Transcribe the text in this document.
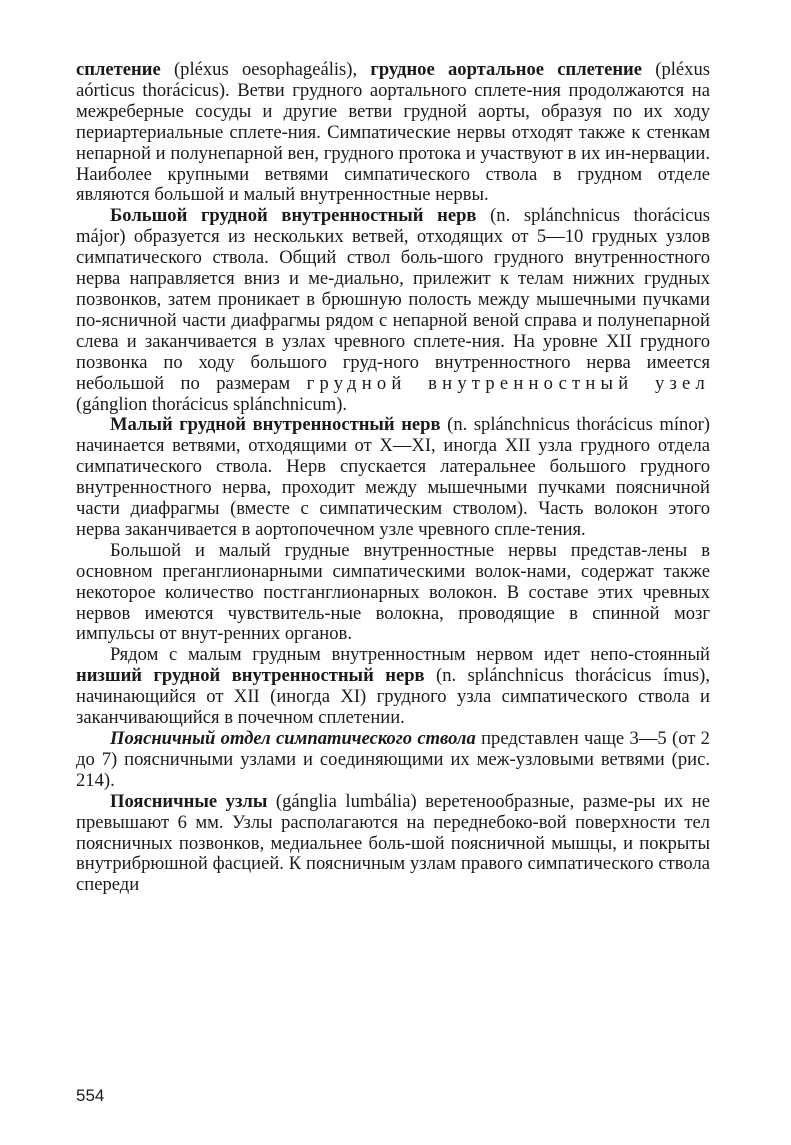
сплетение (pléxus oesophageális), грудное аортальное сплетение (pléxus aórticus thorácicus). Ветви грудного аортального сплете-ния продолжаются на межреберные сосуды и другие ветви грудной аорты, образуя по их ходу периартериальные сплете-ния. Симпатические нервы отходят также к стенкам непарной и полунепарной вен, грудного протока и участвуют в их ин-нервации. Наиболее крупными ветвями симпатического ствола в грудном отделе являются большой и малый внутренностные нервы.

Большой грудной внутренностный нерв (n. splánchnicus thorácicus májor) образуется из нескольких ветвей, отходящих от 5—10 грудных узлов симпатического ствола. Общий ствол боль-шого грудного внутренностного нерва направляется вниз и ме-диально, прилежит к телам нижних грудных позвонков, затем проникает в брюшную полость между мышечными пучками по-ясничной части диафрагмы рядом с непарной веной справа и полунепарной слева и заканчивается в узлах чревного сплете-ния. На уровне XII грудного позвонка по ходу большого груд-ного внутренностного нерва имеется небольшой по размерам грудной внутренностный узел (gánglion thorácicus splánchnicum).

Малый грудной внутренностный нерв (n. splánchnicus thorácicus mínor) начинается ветвями, отходящими от X—XI, иногда XII узла грудного отдела симпатического ствола. Нерв спускается латеральнее большого грудного внутренностного нерва, проходит между мышечными пучками поясничной части диафрагмы (вместе с симпатическим стволом). Часть волокон этого нерва заканчивается в аортопочечном узле чревного спле-тения.

Большой и малый грудные внутренностные нервы представ-лены в основном преганглионарными симпатическими волок-нами, содержат также некоторое количество постганглионарных волокон. В составе этих чревных нервов имеются чувствитель-ные волокна, проводящие в спинной мозг импульсы от внут-ренних органов.

Рядом с малым грудным внутренностным нервом идет непо-стоянный низший грудной внутренностный нерв (n. splánchnicus thorácicus ímus), начинающийся от XII (иногда XI) грудного узла симпатического ствола и заканчивающийся в почечном сплетении.

Поясничный отдел симпатического ствола представлен чаще 3—5 (от 2 до 7) поясничными узлами и соединяющими их меж-узловыми ветвями (рис. 214).

Поясничные узлы (gánglia lumbália) веретенообразные, разме-ры их не превышают 6 мм. Узлы располагаются на переднебоко-вой поверхности тел поясничных позвонков, медиальнее боль-шой поясничной мышцы, и покрыты внутрибрюшной фасцией. К поясничным узлам правого симпатического ствола спереди

554
